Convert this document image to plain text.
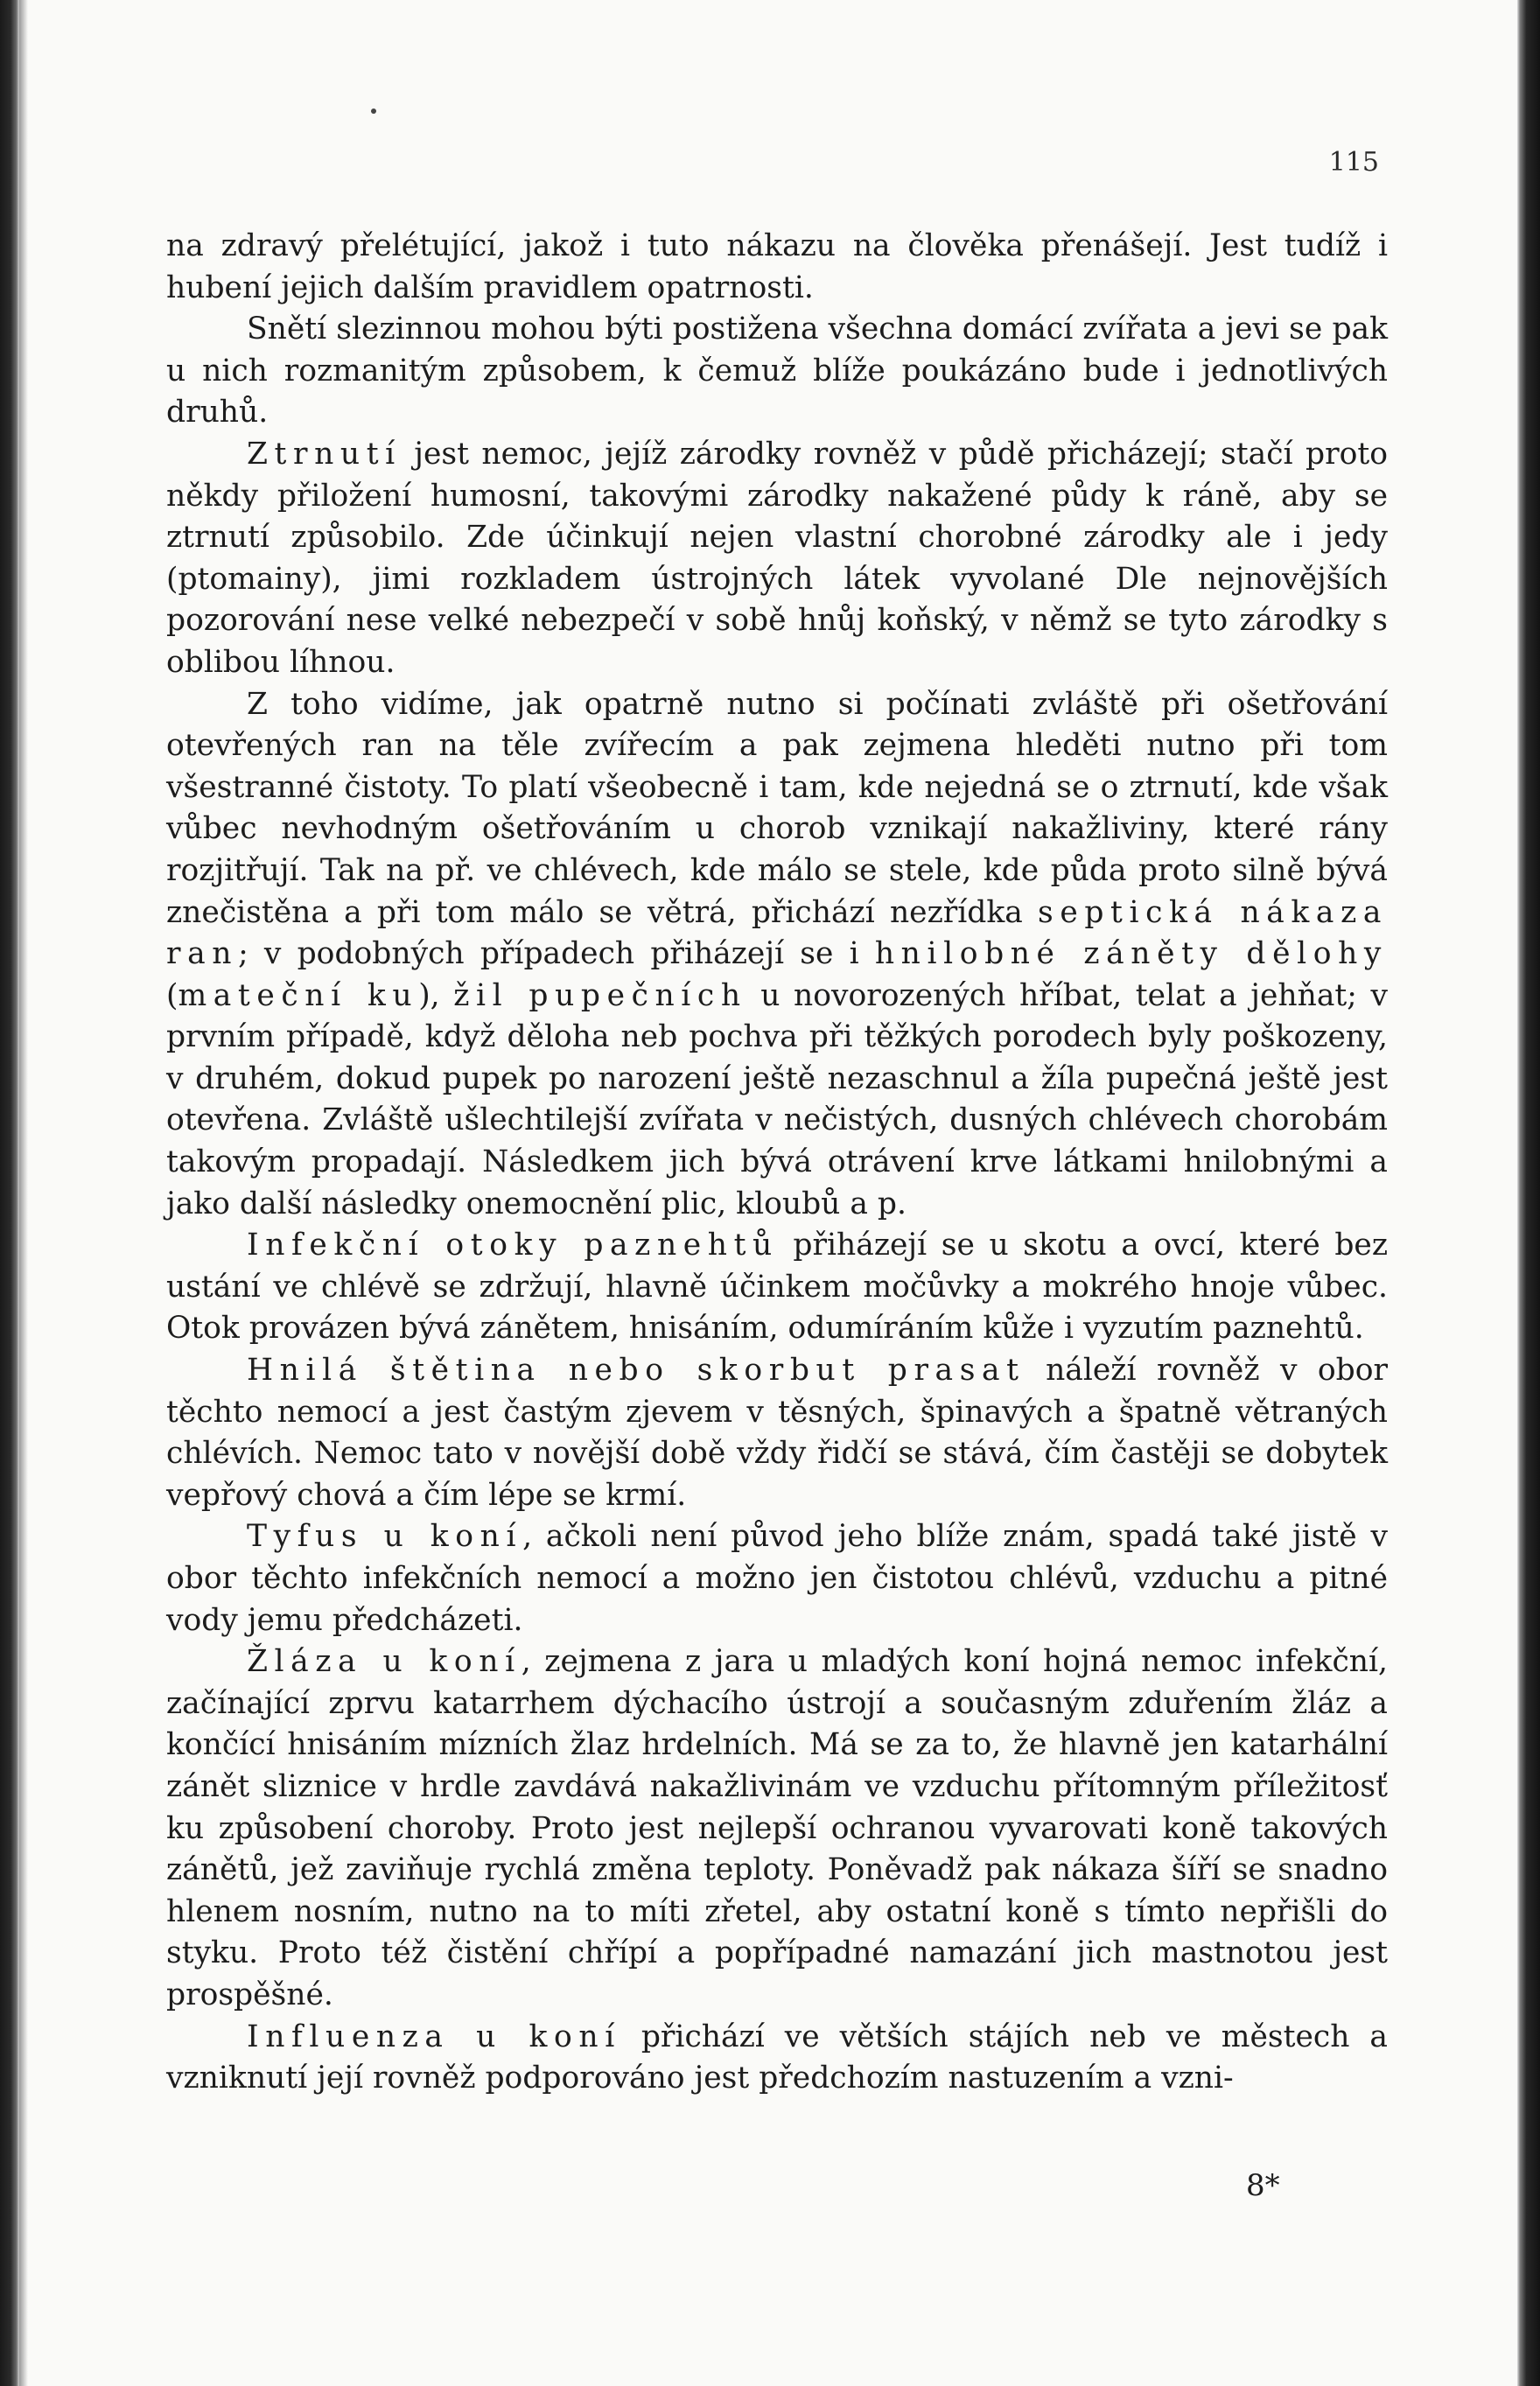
115

na zdravý přelétující, jakož i tuto nákazu na člověka přenášejí. Jest tudíž i hubení jejich dalším pravidlem opatrnosti.

Snětí slezinnou mohou býti postižena všechna domácí zvířata a jevi se pak u nich rozmanitým způsobem, k čemuž blíže poukázáno bude i jednotlivých druhů.

Ztrnutí jest nemoc, jejíž zárodky rovněž v půdě přicházejí; stačí proto někdy přiložení humosní, takovými zárodky nakažené půdy k ráně, aby se ztrnutí způsobilo. Zde účinkují nejen vlastní chorobné zárodky ale i jedy (ptomainy), jimi rozkladem ústrojných látek vyvolané Dle nejnovějších pozorování nese velké nebezpečí v sobě hnůj koňský, v němž se tyto zárodky s oblibou líhnou.

Z toho vidíme, jak opatrně nutno si počínati zvláště při ošetřování otevřených ran na těle zvířecím a pak zejmena hleděti nutno při tom všestranné čistoty. To platí všeobecně i tam, kde nejedná se o ztrnutí, kde však vůbec nevhodným ošetřováním u chorob vznikají nakažliviny, které rány rozjitřují. Tak na př. ve chlévech, kde málo se stele, kde půda proto silně bývá znečistěna a při tom málo se větrá, přichází nezřídka septická nákaza ran; v podobných případech přiházejí se i hnilobné záněty dělohy (mateční ku), žil pupečních u novorozených hříbat, telat a jehňat; v prvním případě, když děloha neb pochva při těžkých porodech byly poškozeny, v druhém, dokud pupek po narození ještě nezaschnul a žíla pupečná ještě jest otevřena. Zvláště ušlechtilejší zvířata v nečistých, dusných chlévech chorobám takovým propadají. Následkem jich bývá otrávení krve látkami hnilobnými a jako další následky onemocnění plic, kloubů a p.

Infekční otoky paznehtů přiházejí se u skotu a ovcí, které bez ustání ve chlévě se zdržují, hlavně účinkem močůvky a mokrého hnoje vůbec. Otok provázen bývá zánětem, hnisáním, odumíráním kůže i vyzutím paznehtů.

Hnilá štětina nebo skorbut prasat náleží rovněž v obor těchto nemocí a jest častým zjevem v těsných, špinavých a špatně větraných chlévích. Nemoc tato v novější době vždy řidčí se stává, čím častěji se dobytek vepřový chová a čím lépe se krmí.

Tyfus u koní, ačkoli není původ jeho blíže znám, spadá také jistě v obor těchto infekčních nemocí a možno jen čistotou chlévů, vzduchu a pitné vody jemu předcházeti.

Žláza u koní, zejmena z jara u mladých koní hojná nemoc infekční, začínající zprvu katarrhem dýchacího ústrojí a současným zduřením žláz a končící hnisáním mízních žlaz hrdelních. Má se za to, že hlavně jen katarhální zánět sliznice v hrdle zavdává nakažlivinám ve vzduchu přítomným příležitosť ku způsobení choroby. Proto jest nejlepší ochranou vyvarovati koně takových zánětů, jež zaviňuje rychlá změna teploty. Poněvadž pak nákaza šíří se snadno hlenem nosním, nutno na to míti zřetel, aby ostatní koně s tímto nepřišli do styku. Proto též čistění chřípí a popřípadné namazání jich mastnotou jest prospěšné.

Influenza u koní přichází ve větších stájích neb ve městech a vzniknutí její rovněž podporováno jest předchozím nastuzením a vzni-

8*
